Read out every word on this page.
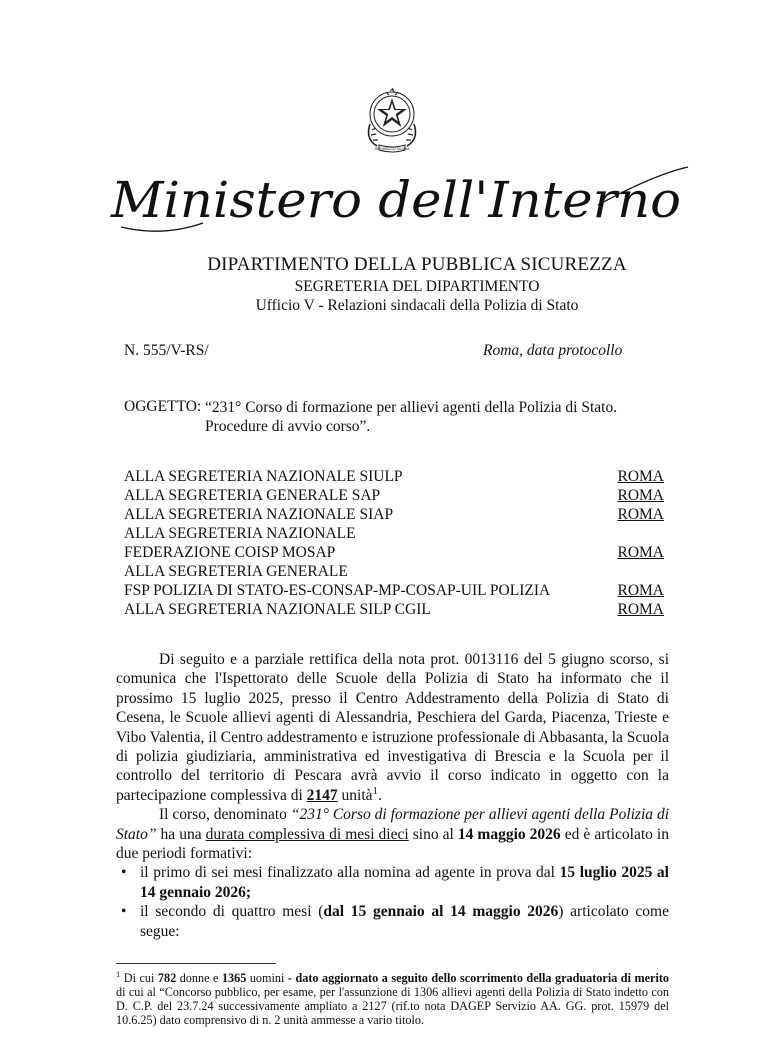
REPUBBLICA ITALIANA
Ministero dell'Interno
DIPARTIMENTO DELLA PUBBLICA SICUREZZA
SEGRETERIA DEL DIPARTIMENTO
Ufficio V - Relazioni sindacali della Polizia di Stato
N. 555/V-RS/	Roma, data protocollo
OGGETTO: “231° Corso di formazione per allievi agenti della Polizia di Stato.
Procedure di avvio corso”.
ALLA SEGRETERIA NAZIONALE SIULP	ROMA
ALLA SEGRETERIA GENERALE SAP	ROMA
ALLA SEGRETERIA NAZIONALE SIAP	ROMA
ALLA SEGRETERIA NAZIONALE
FEDERAZIONE COISP MOSAP	ROMA
ALLA SEGRETERIA GENERALE
FSP POLIZIA DI STATO-ES-CONSAP-MP-COSAP-UIL POLIZIA	ROMA
ALLA SEGRETERIA NAZIONALE SILP CGIL	ROMA

Di seguito e a parziale rettifica della nota prot. 0013116 del 5 giugno scorso, si comunica che l'Ispettorato delle Scuole della Polizia di Stato ha informato che il prossimo 15 luglio 2025, presso il Centro Addestramento della Polizia di Stato di Cesena, le Scuole allievi agenti di Alessandria, Peschiera del Garda, Piacenza, Trieste e Vibo Valentia, il Centro addestramento e istruzione professionale di Abbasanta, la Scuola di polizia giudiziaria, amministrativa ed investigativa di Brescia e la Scuola per il controllo del territorio di Pescara avrà avvio il corso indicato in oggetto con la partecipazione complessiva di 2147 unità$^1$.

Il corso, denominato “231° Corso di formazione per allievi agenti della Polizia di Stato” ha una durata complessiva di mesi dieci sino al 14 maggio 2026 ed è articolato in due periodi formativi:

• il primo di sei mesi finalizzato alla nomina ad agente in prova dal 15 luglio 2025 al 14 gennaio 2026;
• il secondo di quattro mesi (dal 15 gennaio al 14 maggio 2026) articolato come segue:
$^1$ Di cui 782 donne e 1365 uomini - dato aggiornato a seguito dello scorrimento della graduatoria di merito di cui al “Concorso pubblico, per esame, per l'assunzione di 1306 allievi agenti della Polizia di Stato indetto con D. C.P. del 23.7.24 successivamente ampliato a 2127 (rif.to nota DAGEP Servizio AA. GG. prot. 15979 del 10.6.25) dato comprensivo di n. 2 unità ammesse a vario titolo.
